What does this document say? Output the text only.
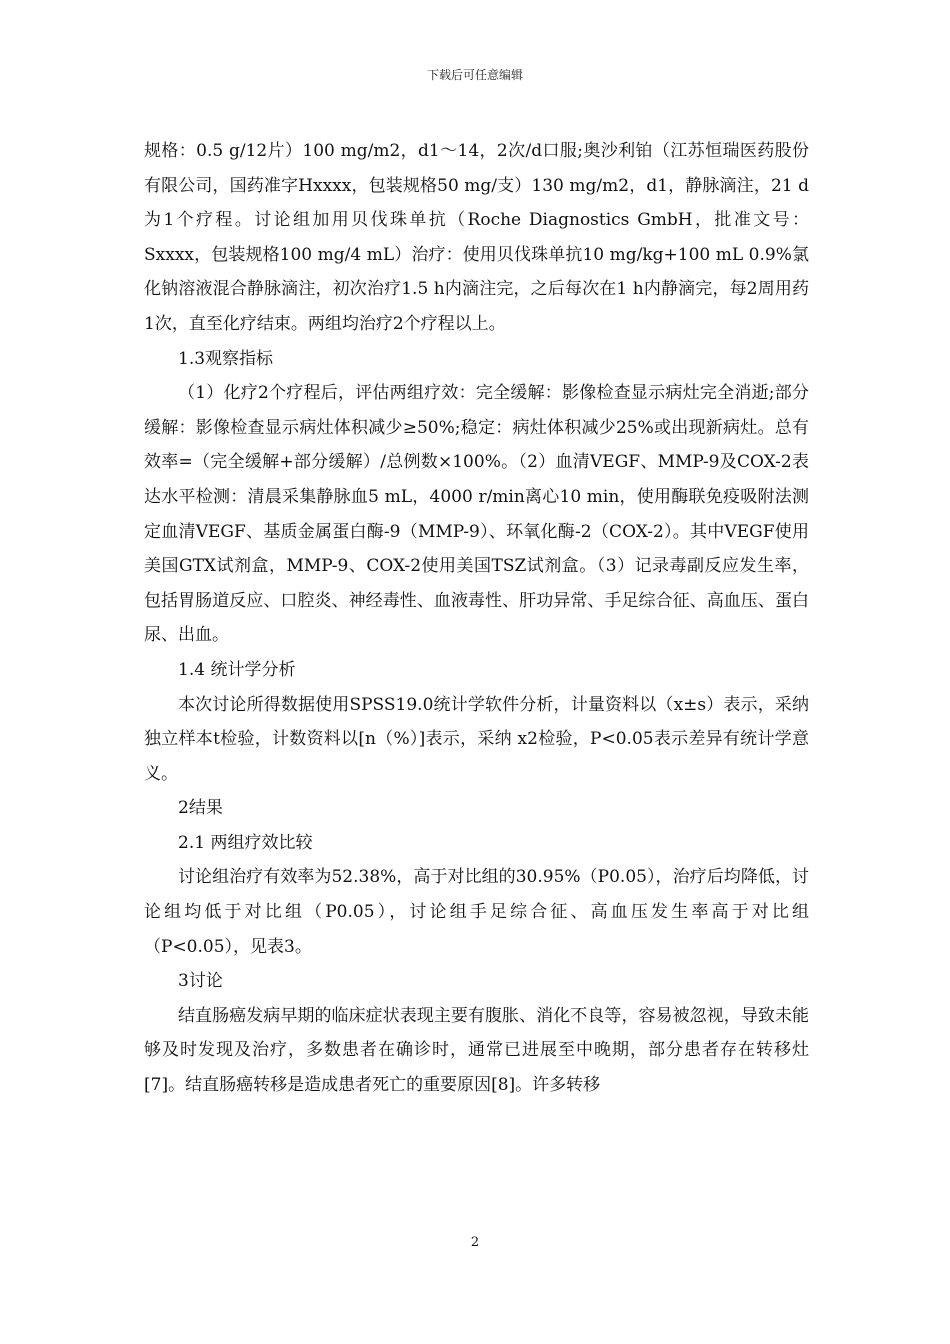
下载后可任意编辑

规格：0.5 g/12片）100 mg/m2，d1～14，2次/d口服;奥沙利铂（江苏恒瑞医药股份有限公司，国药准字Hxxxx，包装规格50 mg/支）130 mg/m2，d1，静脉滴注，21 d为1个疗程。讨论组加用贝伐珠单抗（Roche Diagnostics GmbH，批准文号：Sxxxx，包装规格100 mg/4 mL）治疗：使用贝伐珠单抗10 mg/kg+100 mL 0.9%氯化钠溶液混合静脉滴注，初次治疗1.5 h内滴注完，之后每次在1 h内静滴完，每2周用药1次，直至化疗结束。两组均治疗2个疗程以上。

1.3观察指标

（1）化疗2个疗程后，评估两组疗效：完全缓解：影像检查显示病灶完全消逝;部分缓解：影像检查显示病灶体积减少≥50%;稳定：病灶体积减少25%或出现新病灶。总有效率=（完全缓解+部分缓解）/总例数×100%。（2）血清VEGF、MMP-9及COX-2表达水平检测：清晨采集静脉血5 mL，4000 r/min离心10 min，使用酶联免疫吸附法测定血清VEGF、基质金属蛋白酶-9（MMP-9）、环氧化酶-2（COX-2）。其中VEGF使用美国GTX试剂盒，MMP-9、COX-2使用美国TSZ试剂盒。（3）记录毒副反应发生率，包括胃肠道反应、口腔炎、神经毒性、血液毒性、肝功异常、手足综合征、高血压、蛋白尿、出血。

1.4 统计学分析

本次讨论所得数据使用SPSS19.0统计学软件分析，计量资料以（x±s）表示，采纳独立样本t检验，计数资料以[n（%）]表示，采纳 x2检验，P<0.05表示差异有统计学意义。

2结果

2.1 两组疗效比较

讨论组治疗有效率为52.38%，高于对比组的30.95%（P0.05），治疗后均降低，讨论组均低于对比组（P0.05），讨论组手足综合征、高血压发生率高于对比组（P<0.05），见表3。

3讨论

结直肠癌发病早期的临床症状表现主要有腹胀、消化不良等，容易被忽视，导致未能够及时发现及治疗，多数患者在确诊时，通常已进展至中晚期，部分患者存在转移灶[7]。结直肠癌转移是造成患者死亡的重要原因[8]。许多转移

2
